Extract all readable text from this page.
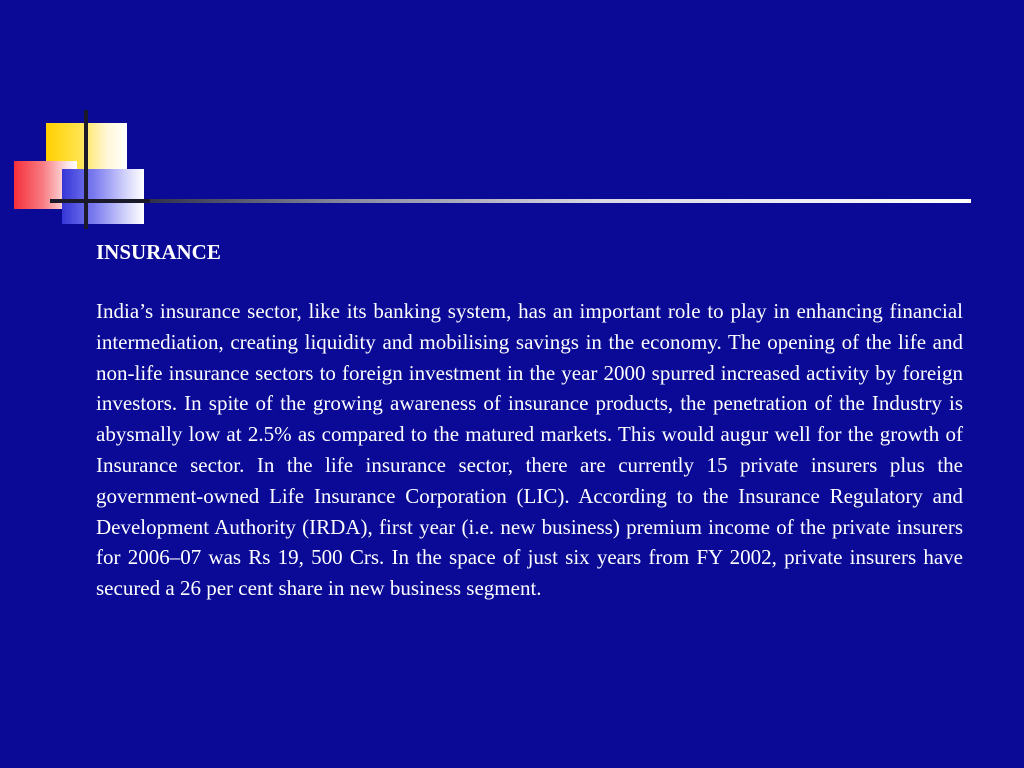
INSURANCE

India’s insurance sector, like its banking system, has an important role to play in enhancing financial intermediation, creating liquidity and mobilising savings in the economy. The opening of the life and non-life insurance sectors to foreign investment in the year 2000 spurred increased activity by foreign investors. In spite of the growing awareness of insurance products, the penetration of the Industry is abysmally low at 2.5% as compared to the matured markets. This would augur well for the growth of Insurance sector. In the life insurance sector, there are currently 15 private insurers plus the government-owned Life Insurance Corporation (LIC). According to the Insurance Regulatory and Development Authority (IRDA), first year (i.e. new business) premium income of the private insurers for 2006–07 was Rs 19, 500 Crs. In the space of just six years from FY 2002, private insurers have secured a 26 per cent share in new business segment.
